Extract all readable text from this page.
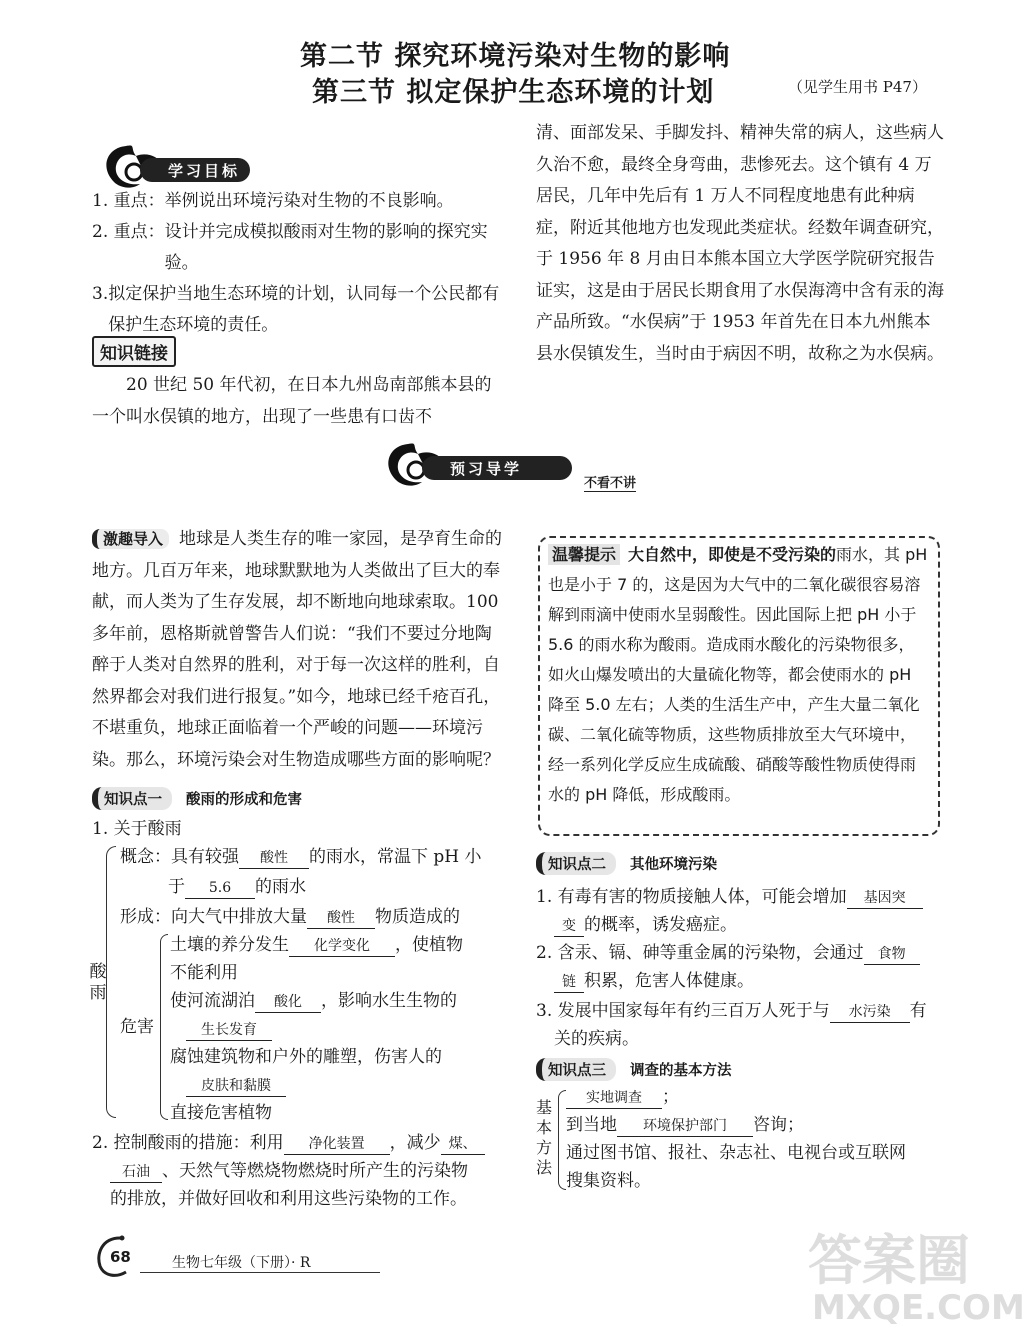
第二节 探究环境污染对生物的影响
第三节 拟定保护生态环境的计划	（见学生用书 P47）
学习目标
1. 重点： 举例说出环境污染对生物的不良影响。
2. 重点： 设计并完成模拟酸雨对生物的影响的探究实验。
3. 拟定保护当地生态环境的计划，认同每一个公民都有保护生态环境的责任。
知识链接
20 世纪 50 年代初，在日本九州岛南部熊本县的一个叫水俣镇的地方，出现了一些患有口齿不
清、面部发呆、手脚发抖、精神失常的病人，这些病人久治不愈，最终全身弯曲，悲惨死去。这个镇有 4 万居民，几年中先后有 1 万人不同程度地患有此种病症，附近其他地方也发现此类症状。经数年调查研究，于 1956 年 8 月由日本熊本国立大学医学院研究报告证实，这是由于居民长期食用了水俣海湾中含有汞的海产品所致。“水俣病”于 1953 年首先在日本九州熊本县水俣镇发生，当时由于病因不明，故称之为水俣病。
预习导学
不看不讲
激趣导入 地球是人类生存的唯一家园，是孕育生命的地方。几百万年来，地球默默地为人类做出了巨大的奉献，而人类为了生存发展，却不断地向地球索取。100 多年前，恩格斯就曾警告人们说：“我们不要过分地陶醉于人类对自然界的胜利，对于每一次这样的胜利，自然界都会对我们进行报复。”如今，地球已经千疮百孔，不堪重负，地球正面临着一个严峻的问题——环境污染。那么，环境污染会对生物造成哪些方面的影响呢？
知识点一	酸雨的形成和危害
1. 关于酸雨
酸
雨
概念：具有较强 酸性 的雨水，常温下 pH 小
于 5.6 的雨水
形成：向大气中排放大量 酸性 物质造成的
危害
土壤的养分发生 化学变化 ，使植物
不能利用
使河流湖泊 酸化 ，影响水生生物的
生长发育
腐蚀建筑物和户外的雕塑，伤害人的
皮肤和黏膜
直接危害植物
2. 控制酸雨的措施：利用 净化装置 ，减少 煤、
石油 、天然气等燃烧物燃烧时所产生的污染物
的排放，并做好回收和利用这些污染物的工作。
温馨提示 大自然中，即使是不受污染的雨水，其 pH 也是小于 7 的，这是因为大气中的二氧化碳很容易溶解到雨滴中使雨水呈弱酸性。因此国际上把 pH 小于 5.6 的雨水称为酸雨。造成雨水酸化的污染物很多，如火山爆发喷出的大量硫化物等，都会使雨水的 pH 降至 5.0 左右；人类的生活生产中，产生大量二氧化碳、二氧化硫等物质，这些物质排放至大气环境中，经一系列化学反应生成硫酸、硝酸等酸性物质使得雨水的 pH 降低，形成酸雨。
知识点二	其他环境污染
1. 有毒有害的物质接触人体，可能会增加 基因突
变 的概率，诱发癌症。
2. 含汞、镉、砷等重金属的污染物，会通过 食物
链 积累，危害人体健康。
3. 发展中国家每年有约三百万人死于与 水污染 有
关的疾病。
知识点三	调查的基本方法
基本方法
实地调查 ；
到当地 环境保护部门 咨询；
通过图书馆、报社、杂志社、电视台或互联网
搜集资料。
68	生物七年级（下册）· R	答案圈
MXQE.COM
